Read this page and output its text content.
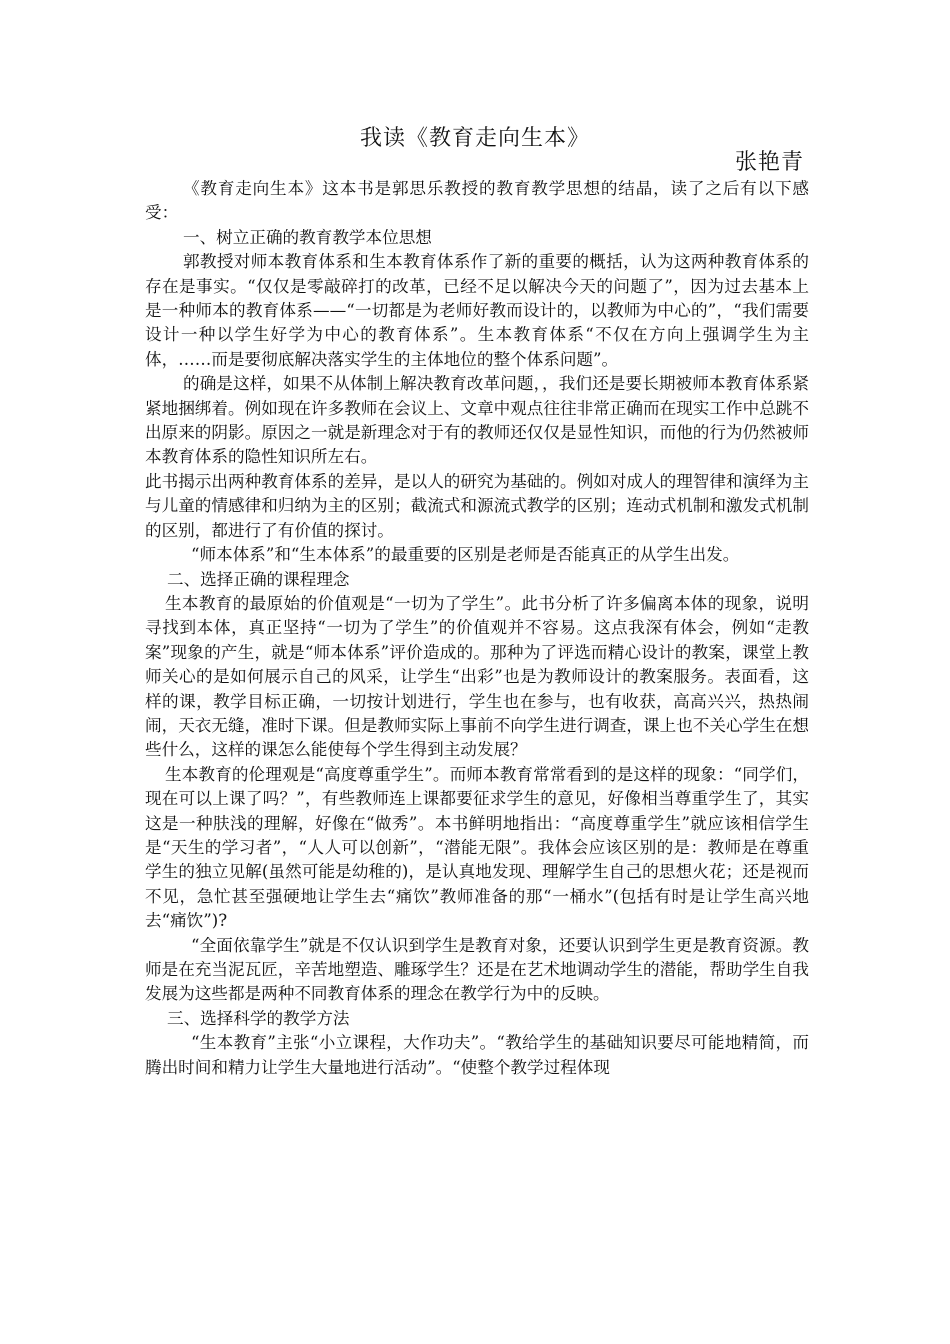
我读《教育走向生本》
张艳青

《教育走向生本》这本书是郭思乐教授的教育教学思想的结晶，读了之后有以下感受：

一、树立正确的教育教学本位思想

郭教授对师本教育体系和生本教育体系作了新的重要的概括，认为这两种教育体系的存在是事实。“仅仅是零敲碎打的改革，已经不足以解决今天的问题了”，因为过去基本上是一种师本的教育体系——“一切都是为老师好教而设计的，以教师为中心的”，“我们需要设计一种以学生好学为中心的教育体系”。生本教育体系“不仅在方向上强调学生为主体，……而是要彻底解决落实学生的主体地位的整个体系问题”。

的确是这样，如果不从体制上解决教育改革问题，，我们还是要长期被师本教育体系紧紧地捆绑着。例如现在许多教师在会议上、文章中观点往往非常正确而在现实工作中总跳不出原来的阴影。原因之一就是新理念对于有的教师还仅仅是显性知识，而他的行为仍然被师本教育体系的隐性知识所左右。

此书揭示出两种教育体系的差异，是以人的研究为基础的。例如对成人的理智律和演绎为主与儿童的情感律和归纳为主的区别；截流式和源流式教学的区别；连动式机制和激发式机制的区别，都进行了有价值的探讨。

“师本体系”和“生本体系”的最重要的区别是老师是否能真正的从学生出发。

二、选择正确的课程理念

生本教育的最原始的价值观是“一切为了学生”。此书分析了许多偏离本体的现象，说明寻找到本体，真正坚持“一切为了学生”的价值观并不容易。这点我深有体会，例如“走教案”现象的产生，就是“师本体系”评价造成的。那种为了评选而精心设计的教案，课堂上教师关心的是如何展示自己的风采，让学生“出彩”也是为教师设计的教案服务。表面看，这样的课，教学目标正确，一切按计划进行，学生也在参与，也有收获，高高兴兴，热热闹闹，天衣无缝，准时下课。但是教师实际上事前不向学生进行调查，课上也不关心学生在想些什么，这样的课怎么能使每个学生得到主动发展？

生本教育的伦理观是“高度尊重学生”。而师本教育常常看到的是这样的现象：“同学们，现在可以上课了吗？”，有些教师连上课都要征求学生的意见，好像相当尊重学生了，其实这是一种肤浅的理解，好像在“做秀”。本书鲜明地指出：“高度尊重学生”就应该相信学生是“天生的学习者”，“人人可以创新”，“潜能无限”。我体会应该区别的是：教师是在尊重学生的独立见解(虽然可能是幼稚的)，是认真地发现、理解学生自己的思想火花；还是视而不见，急忙甚至强硬地让学生去“痛饮”教师准备的那“一桶水”(包括有时是让学生高兴地去“痛饮”)?

“全面依靠学生”就是不仅认识到学生是教育对象，还要认识到学生更是教育资源。教师是在充当泥瓦匠，辛苦地塑造、雕琢学生？还是在艺术地调动学生的潜能，帮助学生自我发展为这些都是两种不同教育体系的理念在教学行为中的反映。

三、选择科学的教学方法

“生本教育”主张“小立课程，大作功夫”。“教给学生的基础知识要尽可能地精简，而腾出时间和精力让学生大量地进行活动”。“使整个教学过程体现
